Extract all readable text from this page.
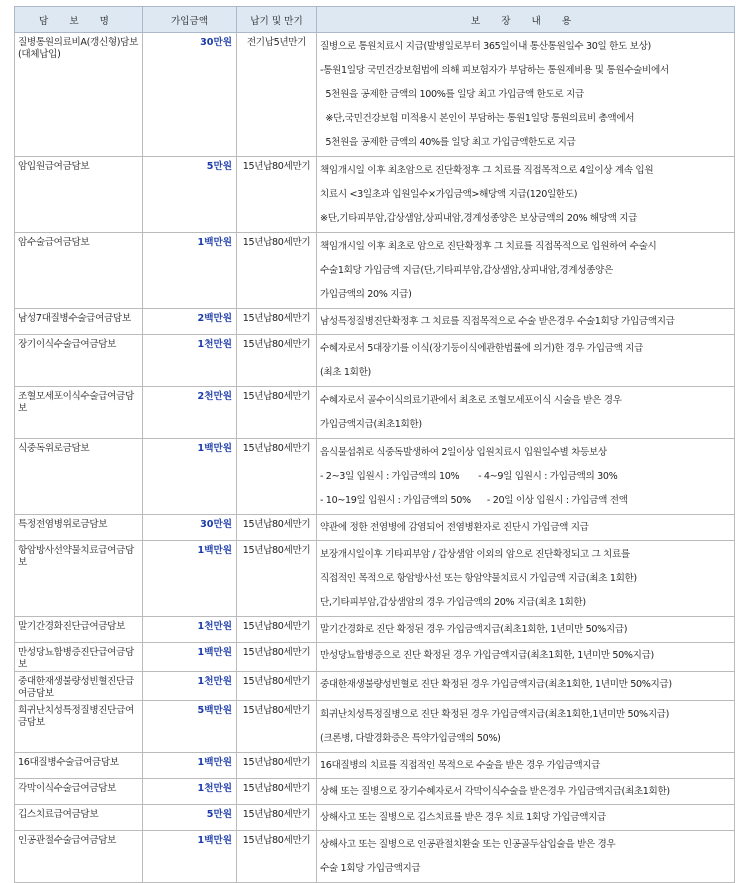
담 보 명	가입금액	납기 및 만기	보 장 내 용
질병통원의료비A(갱신형)담보(대체납입)	30만원	전기납5년만기	질병으로 통원치료시 지급(발병일로부터 365일이내 통산통원일수 30일 한도 보상)
-통원1일당 국민건강보험법에 의해 피보험자가 부담하는 통원제비용 및 통원수술비에서
5천원을 공제한 금액의 100%를 일당 최고 가입금액 한도로 지급
※단,국민건강보험 미적용시 본인이 부담하는 통원1일당 통원의료비 총액에서
5천원을 공제한 금액의 40%를 일당 최고 가입금액한도로 지급

암입원급여금담보	5만원	15년납80세만기	책임개시일 이후 최초암으로 진단확정후 그 치료를 직접목적으로 4일이상 계속 입원
치료시 <3일초과 입원일수×가입금액>해당액 지급(120일한도)
※단,기타피부암,갑상샘암,상피내암,경계성종양은 보상금액의 20% 해당액 지급

암수술급여금담보	1백만원	15년납80세만기	책임개시일 이후 최초로 암으로 진단확정후 그 치료를 직접목적으로 입원하여 수술시
수술1회당 가입금액 지급(단,기타피부암,갑상샘암,상피내암,경계성종양은
가입금액의 20% 지급)

남성7대질병수술급여금담보	2백만원	15년납80세만기	남성특정질병진단확정후 그 치료를 직접목적으로 수술 받은경우 수술1회당 가입금액지급

장기이식수술급여금담보	1천만원	15년납80세만기	수혜자로서 5대장기를 이식(장기등이식에관한법률에 의거)한 경우 가입금액 지급
(최초 1회한)

조혈모세포이식수술급여금담보	2천만원	15년납80세만기	수혜자로서 골수이식의료기관에서 최초로 조혈모세포이식 시술을 받은 경우
가입금액지급(최초1회한)

식중독위로금담보	1백만원	15년납80세만기	음식물섭취로 식중독발생하여 2일이상 입원치료시 입원일수별 차등보상
- 2~3일 입원시 : 가입금액의 10%       - 4~9일 입원시 : 가입금액의 30%
- 10~19일 입원시 : 가입금액의 50%      - 20일 이상 입원시 : 가입금액 전액

특정전염병위로금담보	30만원	15년납80세만기	약관에 정한 전염병에 감염되어 전염병환자로 진단시 가입금액 지급

항암방사선약물치료급여금담보	1백만원	15년납80세만기	보장개시일이후 기타피부암 / 갑상샘암 이외의 암으로 진단확정되고 그 치료를
직접적인 목적으로 항암방사선 또는 항암약물치료시 가입금액 지급(최초 1회한)
단,기타피부암,갑상샘암의 경우 가입금액의 20% 지급(최초 1회한)

말기간경화진단급여금담보	1천만원	15년납80세만기	말기간경화로 진단 확정된 경우 가입금액지급(최초1회한, 1년미만 50%지급)

만성당뇨합병증진단급여금담보	1백만원	15년납80세만기	만성당뇨합병증으로 진단 확정된 경우 가입금액지급(최초1회한, 1년미만 50%지급)

중대한재생불량성빈혈진단급여금담보	1천만원	15년납80세만기	중대한재생불량성빈혈로 진단 확정된 경우 가입금액지급(최초1회한, 1년미만 50%지급)

희귀난치성특정질병진단급여금담보	5백만원	15년납80세만기	희귀난치성특정질병으로 진단 확정된 경우 가입금액지급(최초1회한,1년미만 50%지급)
(크론병, 다발경화증은 특약가입금액의 50%)

16대질병수술급여금담보	1백만원	15년납80세만기	16대질병의 치료를 직접적인 목적으로 수술을 받은 경우 가입금액지급

각막이식수술급여금담보	1천만원	15년납80세만기	상해 또는 질병으로 장기수혜자로서 각막이식수술을 받은경우 가입금액지급(최초1회한)

깁스치료급여금담보	5만원	15년납80세만기	상해사고 또는 질병으로 깁스치료를 받은 경우 치료 1회당 가입금액지급

인공관절수술급여금담보	1백만원	15년납80세만기	상해사고 또는 질병으로 인공관절치환술 또는 인공골두삽입술을 받은 경우
수술 1회당 가입금액지급
